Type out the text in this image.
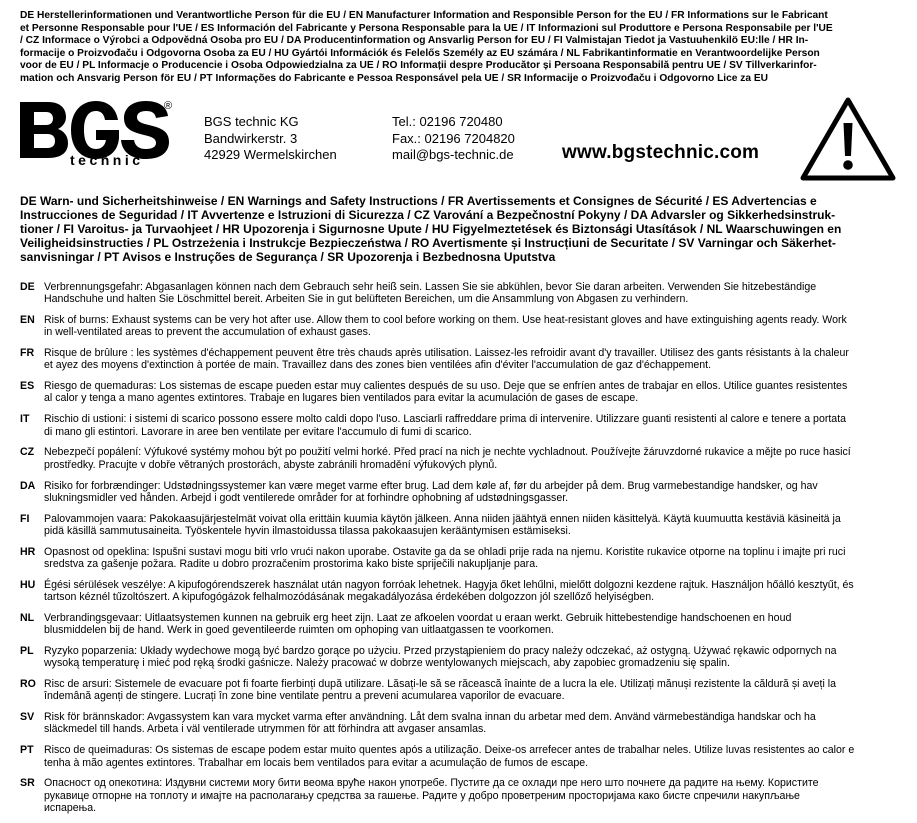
DE Herstellerinformationen und Verantwortliche Person für die EU / EN Manufacturer Information and Responsible Person for the EU / FR Informations sur le Fabricant
et Personne Responsable pour l'UE / ES Información del Fabricante y Persona Responsable para la UE / IT Informazioni sul Produttore e Persona Responsabile per l'UE
/ CZ Informace o Výrobci a Odpovědná Osoba pro EU / DA Producentinformation og Ansvarlig Person for EU / FI Valmistajan Tiedot ja Vastuuhenkilö EU:lle / HR In-
formacije o Proizvođaču i Odgovorna Osoba za EU / HU Gyártói Információk és Felelős Személy az EU számára / NL Fabrikantinformatie en Verantwoordelijke Person
voor de EU / PL Informacje o Producencie i Osoba Odpowiedzialna za UE / RO Informații despre Producător și Persoana Responsabilă pentru UE / SV Tillverkarinfor-
mation och Ansvarig Person för EU / PT Informações do Fabricante e Pessoa Responsável pela UE / SR Informacije o Proizvođaču i Odgovorno Lice za EU
technic
®
BGS technic KG
Bandwirkerstr. 3
42929 Wermelskirchen
Tel.: 02196 720480
Fax.: 02196 7204820
mail@bgs-technic.de	www.bgstechnic.com
DE Warn- und Sicherheitshinweise / EN Warnings and Safety Instructions / FR Avertissements et Consignes de Sécurité / ES Advertencias e
Instrucciones de Seguridad / IT Avvertenze e Istruzioni di Sicurezza / CZ Varování a Bezpečnostní Pokyny / DA Advarsler og Sikkerhedsinstruk-
tioner / FI Varoitus- ja Turvaohjeet / HR Upozorenja i Sigurnosne Upute / HU Figyelmeztetések és Biztonsági Utasítások / NL Waarschuwingen en
Veiligheidsinstructies / PL Ostrzeżenia i Instrukcje Bezpieczeństwa / RO Avertismente și Instrucțiuni de Securitate / SV Varningar och Säkerhet-
sanvisningar / PT Avisos e Instruções de Segurança / SR Upozorenja i Bezbednosna Uputstva
DE Verbrennungsgefahr: Abgasanlagen können nach dem Gebrauch sehr heiß sein. Lassen Sie sie abkühlen, bevor Sie daran arbeiten. Verwenden Sie hitzebeständige
Handschuhe und halten Sie Löschmittel bereit. Arbeiten Sie in gut belüfteten Bereichen, um die Ansammlung von Abgasen zu verhindern.
EN Risk of burns: Exhaust systems can be very hot after use. Allow them to cool before working on them. Use heat-resistant gloves and have extinguishing agents ready. Work
in well-ventilated areas to prevent the accumulation of exhaust gases.
FR Risque de brûlure : les systèmes d'échappement peuvent être très chauds après utilisation. Laissez-les refroidir avant d'y travailler. Utilisez des gants résistants à la chaleur
et ayez des moyens d'extinction à portée de main. Travaillez dans des zones bien ventilées afin d'éviter l'accumulation de gaz d'échappement.
ES Riesgo de quemaduras: Los sistemas de escape pueden estar muy calientes después de su uso. Deje que se enfríen antes de trabajar en ellos. Utilice guantes resistentes
al calor y tenga a mano agentes extintores. Trabaje en lugares bien ventilados para evitar la acumulación de gases de escape.
IT	Rischio di ustioni: i sistemi di scarico possono essere molto caldi dopo l'uso. Lasciarli raffreddare prima di intervenire. Utilizzare guanti resistenti al calore e tenere a portata
di mano gli estintori. Lavorare in aree ben ventilate per evitare l'accumulo di fumi di scarico.
CZ Nebezpečí popálení: Výfukové systémy mohou být po použití velmi horké. Před prací na nich je nechte vychladnout. Používejte žáruvzdorné rukavice a mějte po ruce hasicí
prostředky. Pracujte v dobře větraných prostorách, abyste zabránili hromadění výfukových plynů.
DA Risiko for forbrændinger: Udstødningssystemer kan være meget varme efter brug. Lad dem køle af, før du arbejder på dem. Brug varmebestandige handsker, og hav
slukningsmidler ved hånden. Arbejd i godt ventilerede områder for at forhindre ophobning af udstødningsgasser.
FI	Palovammojen vaara: Pakokaasujärjestelmät voivat olla erittäin kuumia käytön jälkeen. Anna niiden jäähtyä ennen niiden käsittelyä. Käytä kuumuutta kestäviä käsineitä ja
pidä käsillä sammutusaineita. Työskentele hyvin ilmastoidussa tilassa pakokaasujen kerääntymisen estämiseksi.
HR Opasnost od opeklina: Ispušni sustavi mogu biti vrlo vrući nakon uporabe. Ostavite ga da se ohladi prije rada na njemu. Koristite rukavice otporne na toplinu i imajte pri ruci
sredstva za gašenje požara. Radite u dobro prozračenim prostorima kako biste spriječili nakupljanje para.
HU Égési sérülések veszélye: A kipufogórendszerek használat után nagyon forróak lehetnek. Hagyja őket lehűlni, mielőtt dolgozni kezdene rajtuk. Használjon hőálló kesztyűt, és
tartson kéznél tűzoltószert. A kipufogógázok felhalmozódásának megakadályozása érdekében dolgozzon jól szellőző helyiségben.
NL Verbrandingsgevaar: Uitlaatsystemen kunnen na gebruik erg heet zijn. Laat ze afkoelen voordat u eraan werkt. Gebruik hittebestendige handschoenen en houd
blusmiddelen bij de hand. Werk in goed geventileerde ruimten om ophoping van uitlaatgassen te voorkomen.
PL Ryzyko poparzenia: Układy wydechowe mogą być bardzo gorące po użyciu. Przed przystąpieniem do pracy należy odczekać, aż ostygną. Używać rękawic odpornych na
wysoką temperaturę i mieć pod ręką środki gaśnicze. Należy pracować w dobrze wentylowanych miejscach, aby zapobiec gromadzeniu się spalin.
RO Risc de arsuri: Sistemele de evacuare pot fi foarte fierbinți după utilizare. Lăsați-le să se răcească înainte de a lucra la ele. Utilizați mănuși rezistente la căldură și aveți la
îndemână agenți de stingere. Lucrați în zone bine ventilate pentru a preveni acumularea vaporilor de evacuare.
SV Risk för brännskador: Avgassystem kan vara mycket varma efter användning. Låt dem svalna innan du arbetar med dem. Använd värmebeständiga handskar och ha
släckmedel till hands. Arbeta i väl ventilerade utrymmen för att förhindra att avgaser ansamlas.
PT Risco de queimaduras: Os sistemas de escape podem estar muito quentes após a utilização. Deixe-os arrefecer antes de trabalhar neles. Utilize luvas resistentes ao calor e
tenha à mão agentes extintores. Trabalhar em locais bem ventilados para evitar a acumulação de fumos de escape.
SR Опасност од опекотина: Издувни системи могу бити веома вруће након употребе. Пустите да се охлади пре него што почнете да радите на њему. Користите
рукавице отпорне на топлоту и имајте на располагању средства за гашење. Радите у добро проветреним просторијама како бисте спречили накупљање
испарења.
